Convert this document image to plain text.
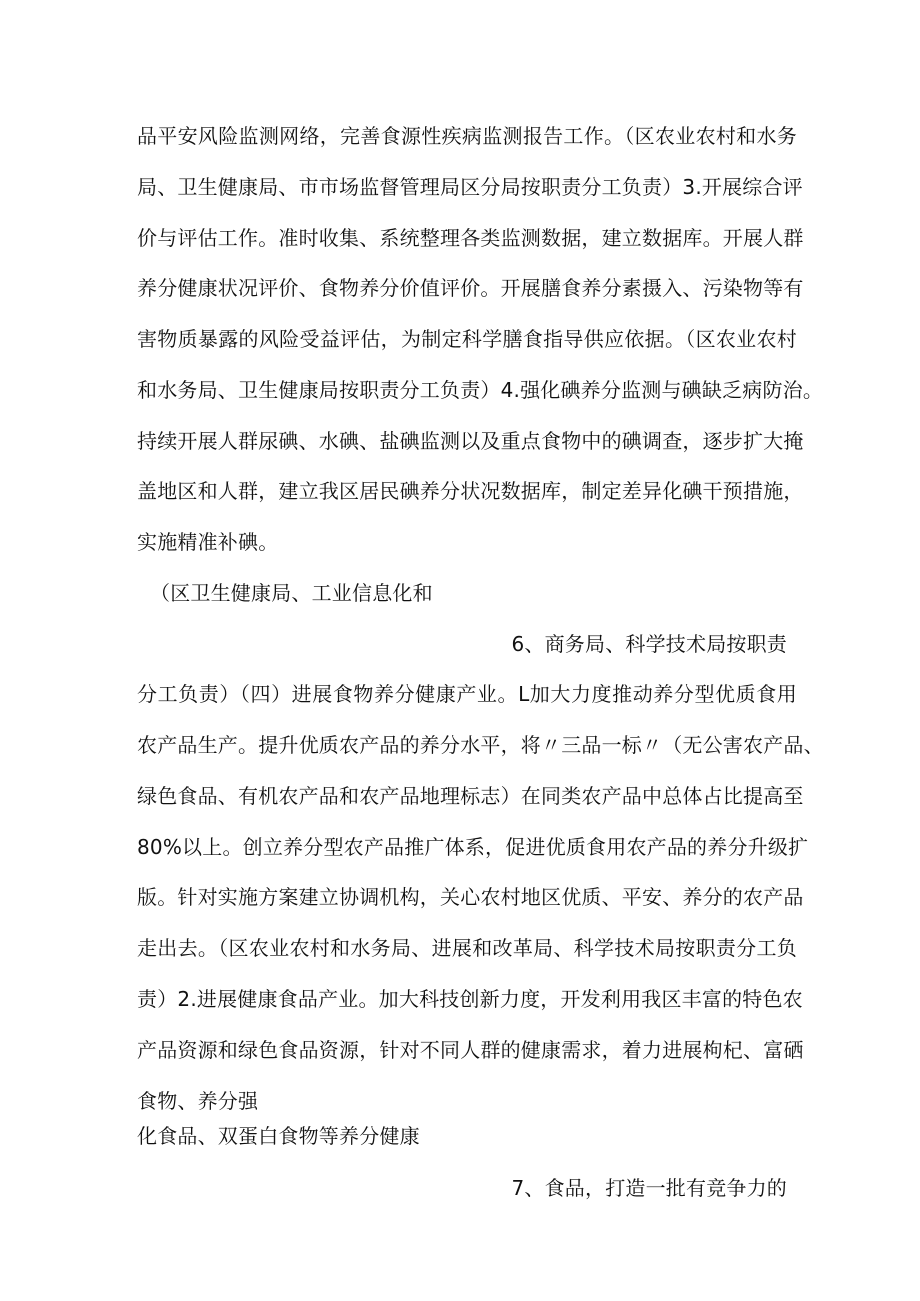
品平安风险监测网络，完善食源性疾病监测报告工作。（区农业农村和水务
局、卫生健康局、市市场监督管理局区分局按职责分工负责）3.开展综合评
价与评估工作。准时收集、系统整理各类监测数据，建立数据库。开展人群
养分健康状况评价、食物养分价值评价。开展膳食养分素摄入、污染物等有
害物质暴露的风险受益评估，为制定科学膳食指导供应依据。（区农业农村
和水务局、卫生健康局按职责分工负责）4.强化碘养分监测与碘缺乏病防治。
持续开展人群尿碘、水碘、盐碘监测以及重点食物中的碘调查，逐步扩大掩
盖地区和人群，建立我区居民碘养分状况数据库，制定差异化碘干预措施，
实施精准补碘。
（区卫生健康局、工业信息化和
6、商务局、科学技术局按职责
分工负责）（四）进展食物养分健康产业。L加大力度推动养分型优质食用
农产品生产。提升优质农产品的养分水平，将〃三品一标〃（无公害农产品、
绿色食品、有机农产品和农产品地理标志）在同类农产品中总体占比提高至
80%以上。创立养分型农产品推广体系，促进优质食用农产品的养分升级扩
版。针对实施方案建立协调机构，关心农村地区优质、平安、养分的农产品
走出去。（区农业农村和水务局、进展和改革局、科学技术局按职责分工负
责）2.进展健康食品产业。加大科技创新力度，开发利用我区丰富的特色农
产品资源和绿色食品资源，针对不同人群的健康需求，着力进展枸杞、富硒
食物、养分强
化食品、双蛋白食物等养分健康
7、食品，打造一批有竞争力的
